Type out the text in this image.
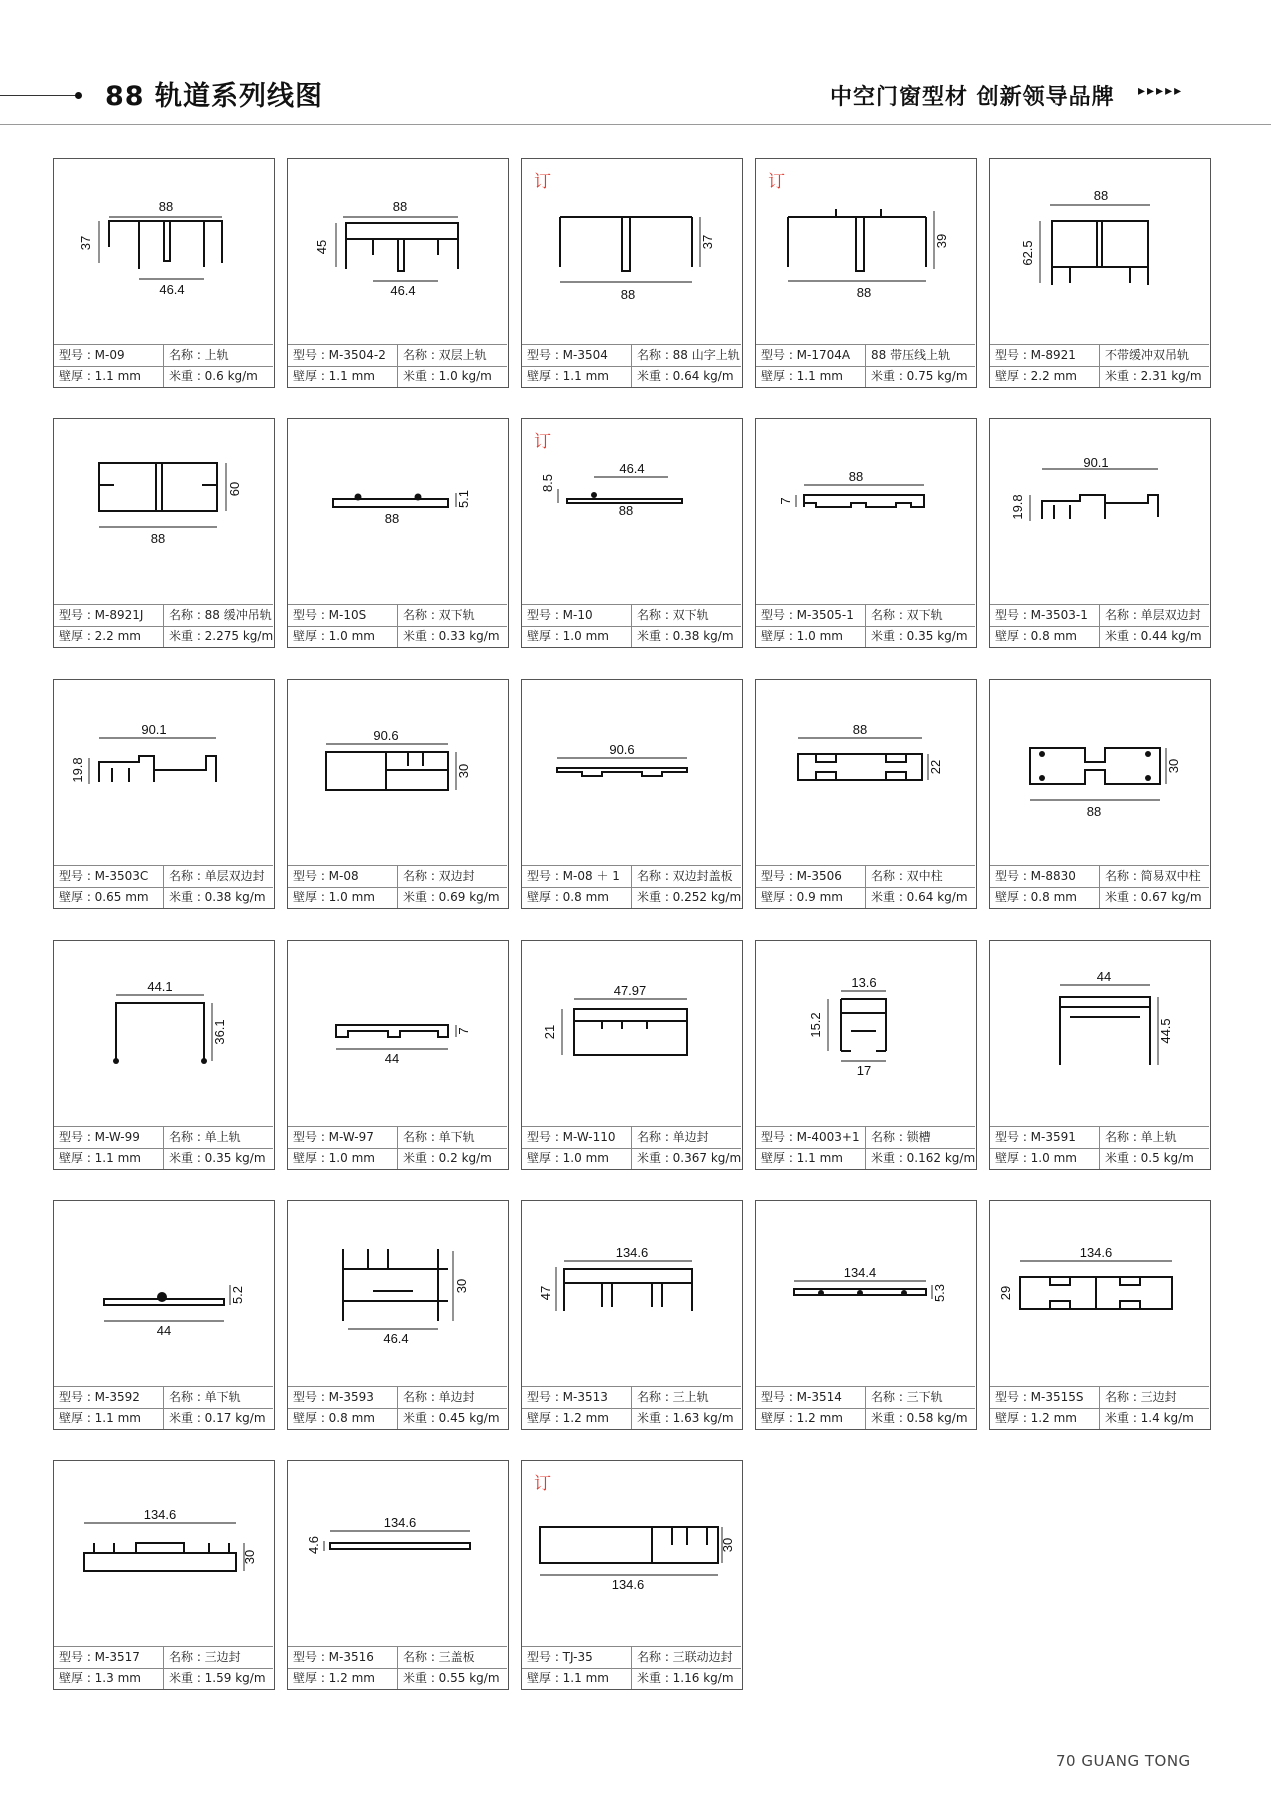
88 轨道系列线图	中空门窗型材 创新领导品牌 ▸▸▸▸▸
88
46.4
37
型号 : M-09	名称 : 上轨
壁厚 : 1.1 mm	米重 : 0.6 kg/m
88
46.4
45
型号 : M-3504-2	名称 : 双层上轨
壁厚 : 1.1 mm	米重 : 1.0 kg/m
37
88
订
型号 : M-3504	名称 : 88 山字上轨
壁厚 : 1.1 mm	米重 : 0.64 kg/m
39
88
订
型号 : M-1704A	88 带压线上轨
壁厚 : 1.1 mm	米重 : 0.75 kg/m
88
62.5
型号 : M-8921	不带缓冲双吊轨
壁厚 : 2.2 mm	米重 : 2.31 kg/m
60
88
型号 : M-8921J	名称 : 88 缓冲吊轨
壁厚 : 2.2 mm	米重 : 2.275 kg/m
5.1
88
型号 : M-10S	名称 : 双下轨
壁厚 : 1.0 mm	米重 : 0.33 kg/m
46.4
8.5
88
订
型号 : M-10	名称 : 双下轨
壁厚 : 1.0 mm	米重 : 0.38 kg/m
88
7
型号 : M-3505-1	名称 : 双下轨
壁厚 : 1.0 mm	米重 : 0.35 kg/m
90.1
19.8
型号 : M-3503-1	名称 : 单层双边封
壁厚 : 0.8 mm	米重 : 0.44 kg/m
90.1
19.8
型号 : M-3503C	名称 : 单层双边封
壁厚 : 0.65 mm	米重 : 0.38 kg/m
90.6
30
型号 : M-08	名称 : 双边封
壁厚 : 1.0 mm	米重 : 0.69 kg/m
90.6
型号 : M-08 ＋ 1	名称 : 双边封盖板
壁厚 : 0.8 mm	米重 : 0.252 kg/m
88
22
型号 : M-3506	名称 : 双中柱
壁厚 : 0.9 mm	米重 : 0.64 kg/m
30
88
型号 : M-8830	名称 : 简易双中柱
壁厚 : 0.8 mm	米重 : 0.67 kg/m
44.1
36.1
型号 : M-W-99	名称 : 单上轨
壁厚 : 1.1 mm	米重 : 0.35 kg/m
7
44
型号 : M-W-97	名称 : 单下轨
壁厚 : 1.0 mm	米重 : 0.2 kg/m
47.97
21
型号 : M-W-110	名称 : 单边封
壁厚 : 1.0 mm	米重 : 0.367 kg/m
13.6
15.2
17
型号 : M-4003+1 名称 : 锁槽
壁厚 : 1.1 mm	米重 : 0.162 kg/m
44
44.5
型号 : M-3591	名称 : 单上轨
壁厚 : 1.0 mm	米重 : 0.5 kg/m
5.2
44
型号 : M-3592	名称 : 单下轨
壁厚 : 1.1 mm	米重 : 0.17 kg/m
30
46.4
型号 : M-3593	名称 : 单边封
壁厚 : 0.8 mm	米重 : 0.45 kg/m
134.6
47
型号 : M-3513	名称 : 三上轨
壁厚 : 1.2 mm	米重 : 1.63 kg/m
134.4
5.3
型号 : M-3514	名称 : 三下轨
壁厚 : 1.2 mm	米重 : 0.58 kg/m
134.6
29
型号 : M-3515S	名称 : 三边封
壁厚 : 1.2 mm	米重 : 1.4 kg/m
134.6
30
型号 : M-3517	名称 : 三边封
壁厚 : 1.3 mm	米重 : 1.59 kg/m
134.6
4.6
型号 : M-3516	名称 : 三盖板
壁厚 : 1.2 mm	米重 : 0.55 kg/m
30
134.6
订
型号 : TJ-35	名称 : 三联动边封
壁厚 : 1.1 mm	米重 : 1.16 kg/m
70 GUANG TONG
